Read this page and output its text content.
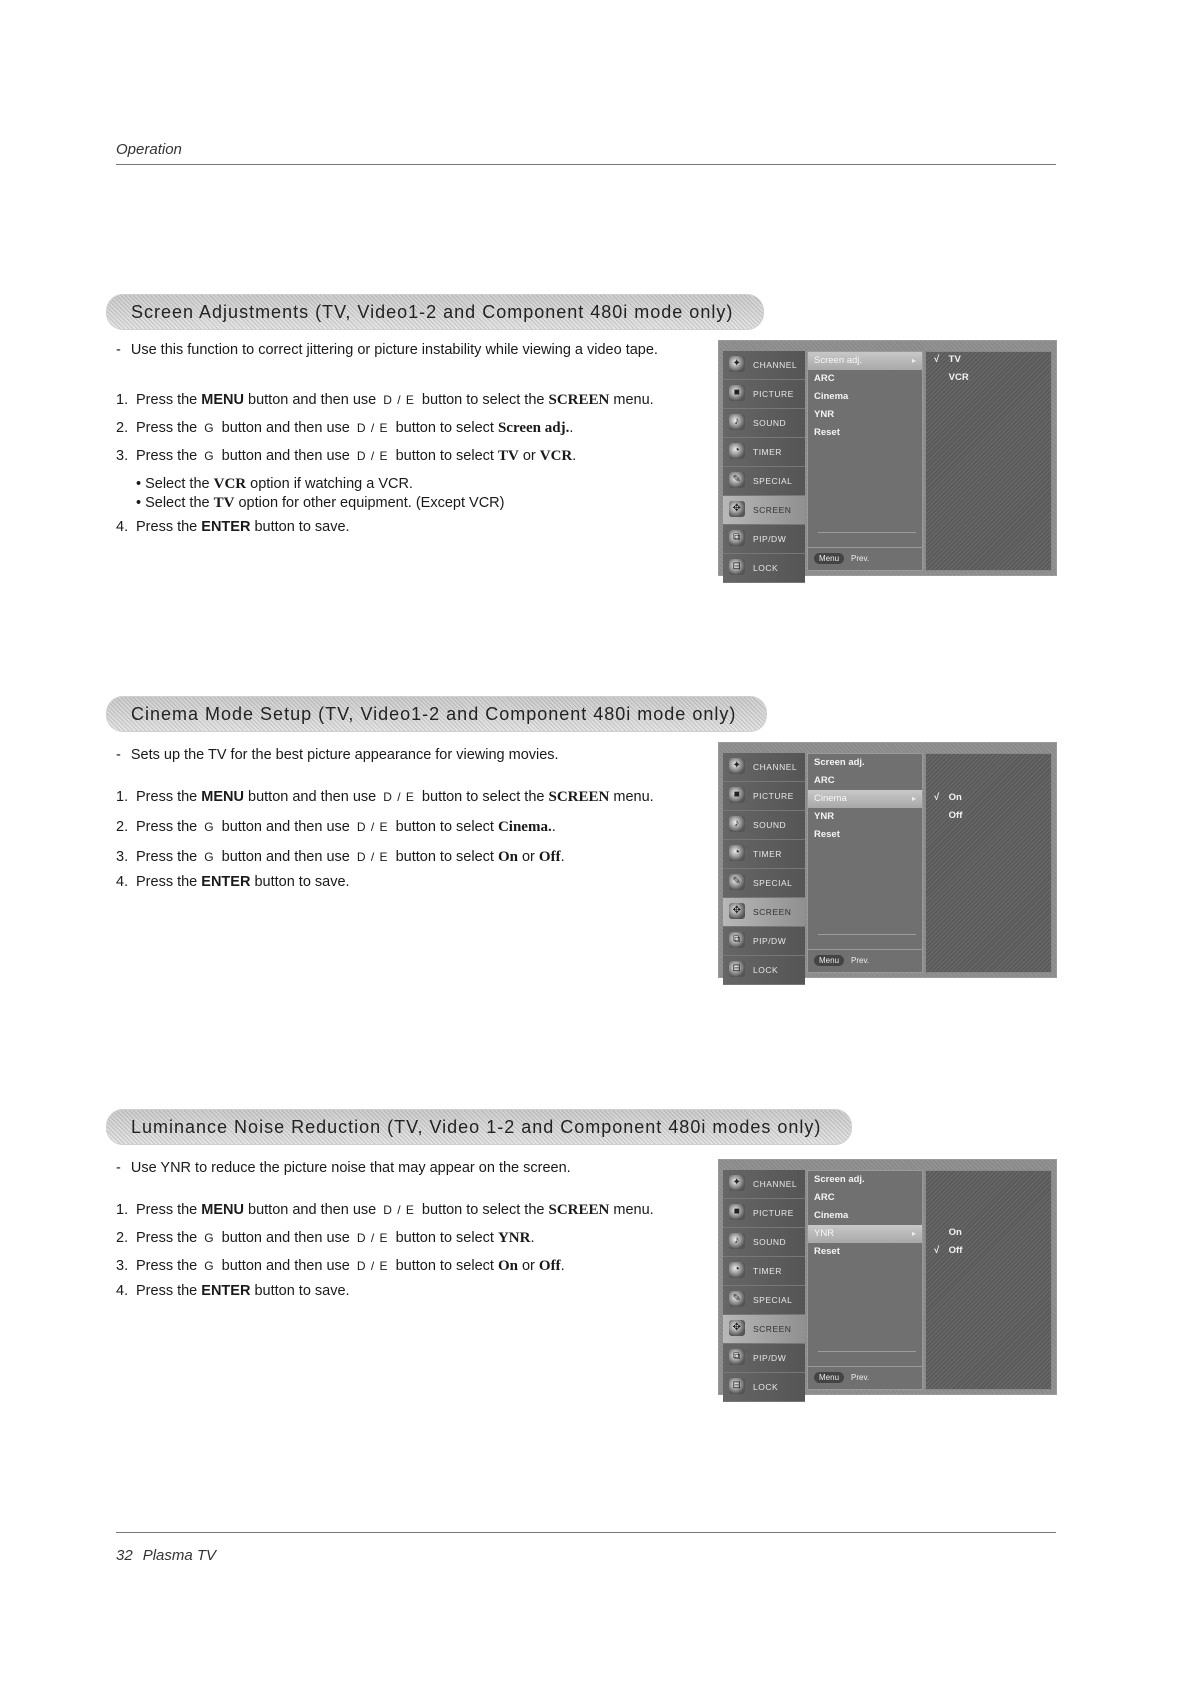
Operation
Screen Adjustments (TV, Video1-2 and Component 480i mode only)
- Use this function to correct jittering or picture instability while viewing a video tape.
1. Press the MENU button and then use D / E button to select the SCREEN menu.
2. Press the G button and then use D / E button to select Screen adj..
3. Press the G button and then use D / E button to select TV or VCR.
• Select the VCR option if watching a VCR.
• Select the TV option for other equipment. (Except VCR)
4. Press the ENTER button to save.
✦	CHANNEL
■	PICTURE
♪	SOUND
◔	TIMER
✎	SPECIAL
✥	SCREEN
⧉	PIP/DW
⊟	LOCK
Screen adj.	▸
ARC
Cinema
YNR
Reset
Menu	Prev.
√ TV
VCR
Cinema Mode Setup (TV, Video1-2 and Component 480i mode only)
- Sets up the TV for the best picture appearance for viewing movies.
1. Press the MENU button and then use D / E button to select the SCREEN menu.
2. Press the G button and then use D / E button to select Cinema..
3. Press the G button and then use D / E button to select On or Off.
4. Press the ENTER button to save.
✦	CHANNEL
■	PICTURE
♪	SOUND
◔	TIMER
✎	SPECIAL
✥	SCREEN
⧉	PIP/DW
⊟	LOCK
Screen adj.
ARC
Cinema	▸
YNR
Reset
Menu	Prev.
√ On
Off
Luminance Noise Reduction (TV, Video 1-2 and Component 480i modes only)
- Use YNR to reduce the picture noise that may appear on the screen.
1. Press the MENU button and then use D / E button to select the SCREEN menu.
2. Press the G button and then use D / E button to select YNR.
3. Press the G button and then use D / E button to select On or Off.
4. Press the ENTER button to save.
✦	CHANNEL
■	PICTURE
♪	SOUND
◔	TIMER
✎	SPECIAL
✥	SCREEN
⧉	PIP/DW
⊟	LOCK
Screen adj.
ARC
Cinema
YNR	▸
Reset
Menu	Prev.
On
√ Off
32 Plasma TV
